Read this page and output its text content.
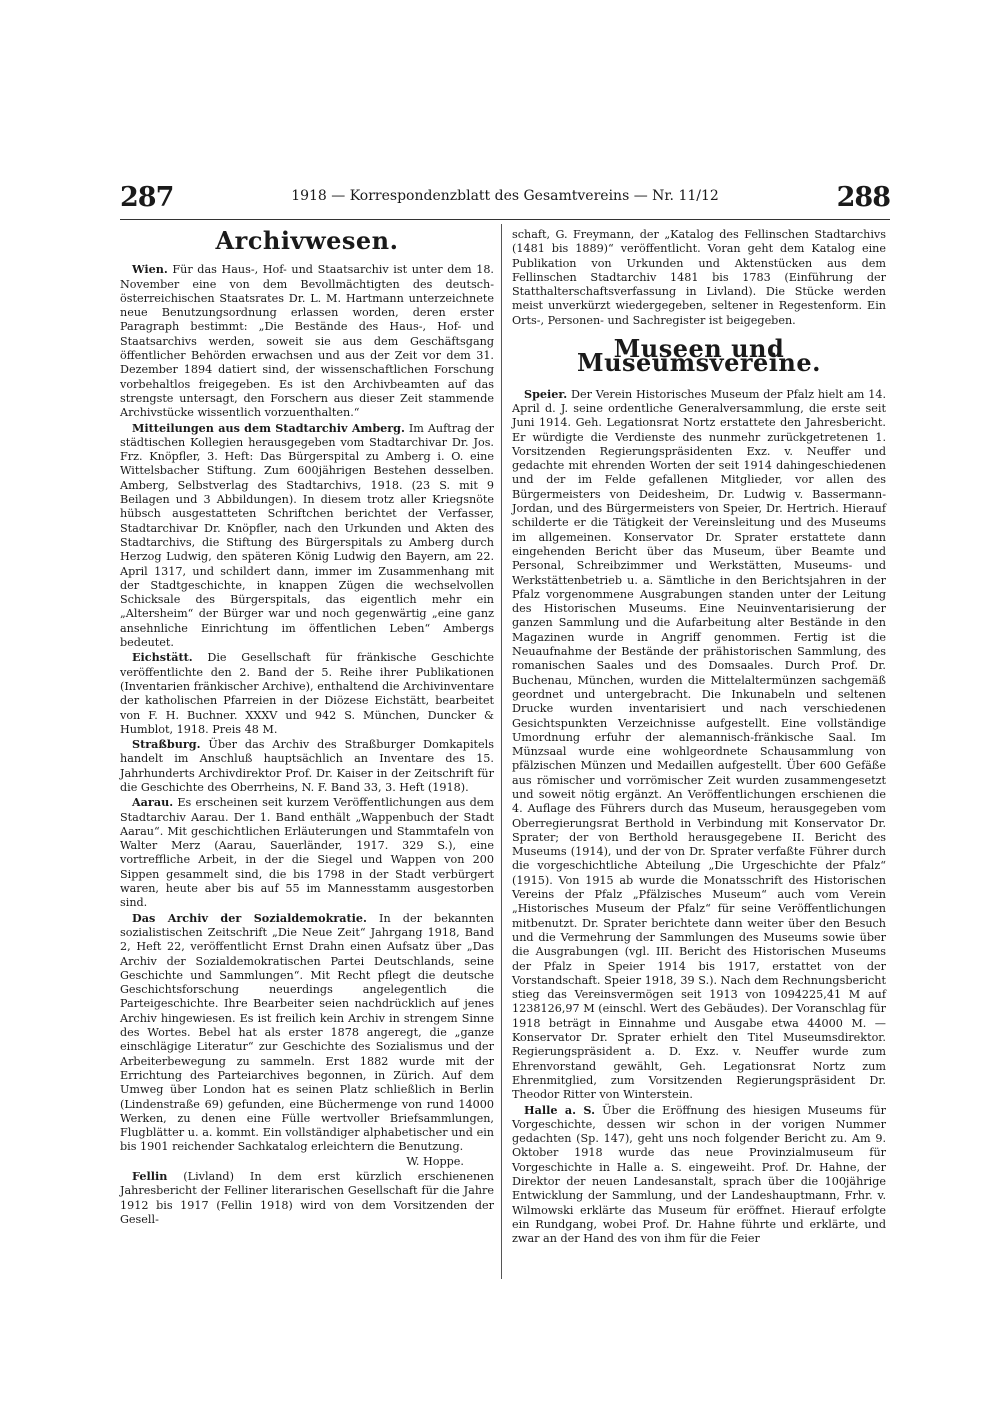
287	1918 — Korrespondenzblatt des Gesamtvereins — Nr. 11/12	288
Archivwesen.

Wien. Für das Haus-, Hof- und Staatsarchiv ist unter dem 18. November eine von dem Bevollmächtigten des deutsch-österreichischen Staatsrates Dr. L. M. Hartmann unterzeichnete neue Benutzungsordnung erlassen worden, deren erster Paragraph bestimmt: „Die Bestände des Haus-, Hof- und Staatsarchivs werden, soweit sie aus dem Geschäftsgang öffentlicher Behörden erwachsen und aus der Zeit vor dem 31. Dezember 1894 datiert sind, der wissenschaftlichen Forschung vorbehaltlos freigegeben. Es ist den Archivbeamten auf das strengste untersagt, den Forschern aus dieser Zeit stammende Archivstücke wissentlich vorzuenthalten.“

Mitteilungen aus dem Stadtarchiv Amberg. Im Auftrag der städtischen Kollegien herausgegeben vom Stadtarchivar Dr. Jos. Frz. Knöpfler, 3. Heft: Das Bürgerspital zu Amberg i. O. eine Wittelsbacher Stiftung. Zum 600jährigen Bestehen desselben. Amberg, Selbstverlag des Stadtarchivs, 1918. (23 S. mit 9 Beilagen und 3 Abbildungen). In diesem trotz aller Kriegsnöte hübsch ausgestatteten Schriftchen berichtet der Verfasser, Stadtarchivar Dr. Knöpfler, nach den Urkunden und Akten des Stadtarchivs, die Stiftung des Bürgerspitals zu Amberg durch Herzog Ludwig, den späteren König Ludwig den Bayern, am 22. April 1317, und schildert dann, immer im Zusammenhang mit der Stadtgeschichte, in knappen Zügen die wechselvollen Schicksale des Bürgerspitals, das eigentlich mehr ein „Altersheim“ der Bürger war und noch gegenwärtig „eine ganz ansehnliche Einrichtung im öffentlichen Leben“ Ambergs bedeutet.

Eichstätt. Die Gesellschaft für fränkische Geschichte veröffentlichte den 2. Band der 5. Reihe ihrer Publikationen (Inventarien fränkischer Archive), enthaltend die Archivinventare der katholischen Pfarreien in der Diözese Eichstätt, bearbeitet von F. H. Buchner. XXXV und 942 S. München, Duncker & Humblot, 1918. Preis 48 M.

Straßburg. Über das Archiv des Straßburger Domkapitels handelt im Anschluß hauptsächlich an Inventare des 15. Jahrhunderts Archivdirektor Prof. Dr. Kaiser in der Zeitschrift für die Geschichte des Oberrheins, N. F. Band 33, 3. Heft (1918).

Aarau. Es erscheinen seit kurzem Veröffentlichungen aus dem Stadtarchiv Aarau. Der 1. Band enthält „Wappenbuch der Stadt Aarau“. Mit geschichtlichen Erläuterungen und Stammtafeln von Walter Merz (Aarau, Sauerländer, 1917. 329 S.), eine vortreffliche Arbeit, in der die Siegel und Wappen von 200 Sippen gesammelt sind, die bis 1798 in der Stadt verbürgert waren, heute aber bis auf 55 im Mannesstamm ausgestorben sind.

Das Archiv der Sozialdemokratie. In der bekannten sozialistischen Zeitschrift „Die Neue Zeit“ Jahrgang 1918, Band 2, Heft 22, veröffentlicht Ernst Drahn einen Aufsatz über „Das Archiv der Sozialdemokratischen Partei Deutschlands, seine Geschichte und Sammlungen“. Mit Recht pflegt die deutsche Geschichtsforschung neuerdings angelegentlich die Parteigeschichte. Ihre Bearbeiter seien nachdrücklich auf jenes Archiv hingewiesen. Es ist freilich kein Archiv in strengem Sinne des Wortes. Bebel hat als erster 1878 angeregt, die „ganze einschlägige Literatur“ zur Geschichte des Sozialismus und der Arbeiterbewegung zu sammeln. Erst 1882 wurde mit der Errichtung des Parteiarchives begonnen, in Zürich. Auf dem Umweg über London hat es seinen Platz schließlich in Berlin (Lindenstraße 69) gefunden, eine Büchermenge von rund 14000 Werken, zu denen eine Fülle wertvoller Briefsammlungen, Flugblätter u. a. kommt. Ein vollständiger alphabetischer und ein bis 1901 reichender Sachkatalog erleichtern die Benutzung.

W. Hoppe.

Fellin (Livland) In dem erst kürzlich erschienenen Jahresbericht der Felliner literarischen Gesellschaft für die Jahre 1912 bis 1917 (Fellin 1918) wird von dem Vorsitzenden der Gesell-

schaft, G. Freymann, der „Katalog des Fellinschen Stadtarchivs (1481 bis 1889)“ veröffentlicht. Voran geht dem Katalog eine Publikation von Urkunden und Aktenstücken aus dem Fellinschen Stadtarchiv 1481 bis 1783 (Einführung der Statthalterschaftsverfassung in Livland). Die Stücke werden meist unverkürzt wiedergegeben, seltener in Regestenform. Ein Orts-, Personen- und Sachregister ist beigegeben.

Museen und Museumsvereine.

Speier. Der Verein Historisches Museum der Pfalz hielt am 14. April d. J. seine ordentliche Generalversammlung, die erste seit Juni 1914. Geh. Legationsrat Nortz erstattete den Jahresbericht. Er würdigte die Verdienste des nunmehr zurückgetretenen 1. Vorsitzenden Regierungspräsidenten Exz. v. Neuffer und gedachte mit ehrenden Worten der seit 1914 dahingeschiedenen und der im Felde gefallenen Mitglieder, vor allen des Bürgermeisters von Deidesheim, Dr. Ludwig v. Bassermann-Jordan, und des Bürgermeisters von Speier, Dr. Hertrich. Hierauf schilderte er die Tätigkeit der Vereinsleitung und des Museums im allgemeinen. Konservator Dr. Sprater erstattete dann eingehenden Bericht über das Museum, über Beamte und Personal, Schreibzimmer und Werkstätten, Museums- und Werkstättenbetrieb u. a. Sämtliche in den Berichtsjahren in der Pfalz vorgenommene Ausgrabungen standen unter der Leitung des Historischen Museums. Eine Neuinventarisierung der ganzen Sammlung und die Aufarbeitung alter Bestände in den Magazinen wurde in Angriff genommen. Fertig ist die Neuaufnahme der Bestände der prähistorischen Sammlung, des romanischen Saales und des Domsaales. Durch Prof. Dr. Buchenau, München, wurden die Mittelaltermünzen sachgemäß geordnet und untergebracht. Die Inkunabeln und seltenen Drucke wurden inventarisiert und nach verschiedenen Gesichtspunkten Verzeichnisse aufgestellt. Eine vollständige Umordnung erfuhr der alemannisch-fränkische Saal. Im Münzsaal wurde eine wohlgeordnete Schausammlung von pfälzischen Münzen und Medaillen aufgestellt. Über 600 Gefäße aus römischer und vorrömischer Zeit wurden zusammengesetzt und soweit nötig ergänzt. An Veröffentlichungen erschienen die 4. Auflage des Führers durch das Museum, herausgegeben vom Oberregierungsrat Berthold in Verbindung mit Konservator Dr. Sprater; der von Berthold herausgegebene II. Bericht des Museums (1914), und der von Dr. Sprater verfaßte Führer durch die vorgeschichtliche Abteilung „Die Urgeschichte der Pfalz“ (1915). Von 1915 ab wurde die Monatsschrift des Historischen Vereins der Pfalz „Pfälzisches Museum“ auch vom Verein „Historisches Museum der Pfalz“ für seine Veröffentlichungen mitbenutzt. Dr. Sprater berichtete dann weiter über den Besuch und die Vermehrung der Sammlungen des Museums sowie über die Ausgrabungen (vgl. III. Bericht des Historischen Museums der Pfalz in Speier 1914 bis 1917, erstattet von der Vorstandschaft. Speier 1918, 39 S.). Nach dem Rechnungsbericht stieg das Vereinsvermögen seit 1913 von 1094225,41 M auf 1238126,97 M (einschl. Wert des Gebäudes). Der Voranschlag für 1918 beträgt in Einnahme und Ausgabe etwa 44000 M. — Konservator Dr. Sprater erhielt den Titel Museumsdirektor. Regierungspräsident a. D. Exz. v. Neuffer wurde zum Ehrenvorstand gewählt, Geh. Legationsrat Nortz zum Ehrenmitglied, zum Vorsitzenden Regierungspräsident Dr. Theodor Ritter von Winterstein.

Halle a. S. Über die Eröffnung des hiesigen Museums für Vorgeschichte, dessen wir schon in der vorigen Nummer gedachten (Sp. 147), geht uns noch folgender Bericht zu. Am 9. Oktober 1918 wurde das neue Provinzialmuseum für Vorgeschichte in Halle a. S. eingeweiht. Prof. Dr. Hahne, der Direktor der neuen Landesanstalt, sprach über die 100jährige Entwicklung der Sammlung, und der Landeshauptmann, Frhr. v. Wilmowski erklärte das Museum für eröffnet. Hierauf erfolgte ein Rundgang, wobei Prof. Dr. Hahne führte und erklärte, und zwar an der Hand des von ihm für die Feier
